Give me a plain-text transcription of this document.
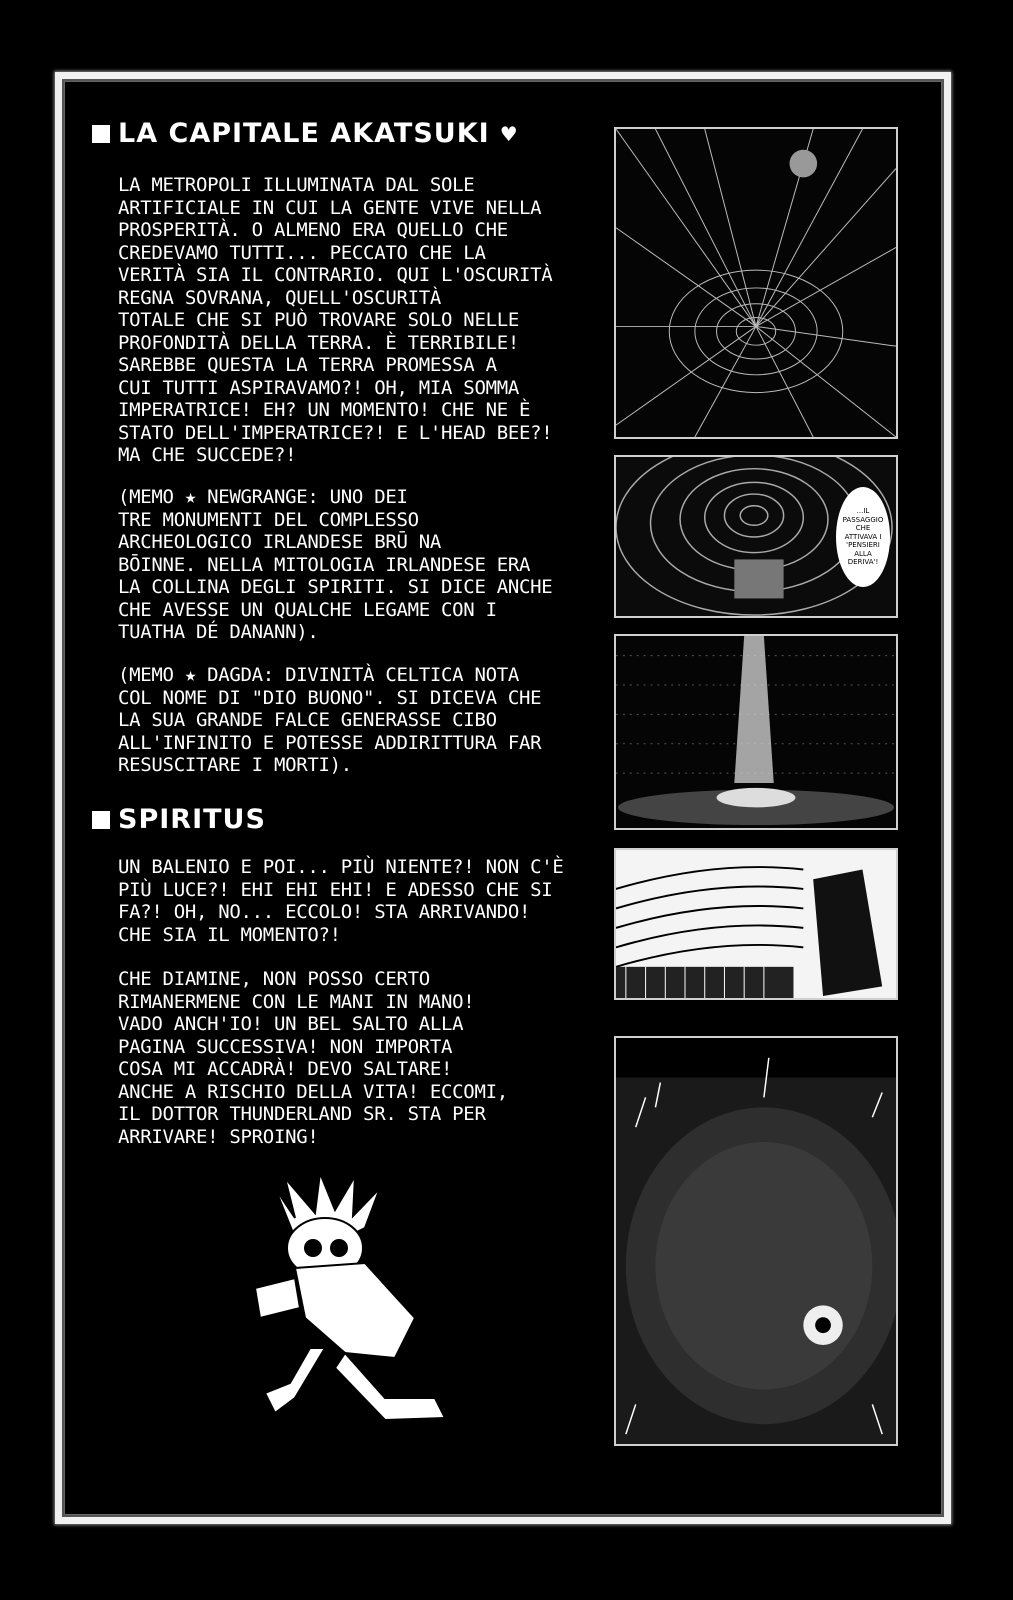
LA CAPITALE AKATSUKI ♥

LA METROPOLI ILLUMINATA DAL SOLE
ARTIFICIALE IN CUI LA GENTE VIVE NELLA
PROSPERITÀ. O ALMENO ERA QUELLO CHE
CREDEVAMO TUTTI... PECCATO CHE LA
VERITÀ SIA IL CONTRARIO. QUI L'OSCURITÀ
REGNA SOVRANA, QUELL'OSCURITÀ
TOTALE CHE SI PUÒ TROVARE SOLO NELLE
PROFONDITÀ DELLA TERRA. È TERRIBILE!
SAREBBE QUESTA LA TERRA PROMESSA A
CUI TUTTI ASPIRAVAMO?! OH, MIA SOMMA
IMPERATRICE! EH? UN MOMENTO! CHE NE È
STATO DELL'IMPERATRICE?! E L'HEAD BEE?!
MA CHE SUCCEDE?!

(MEMO ★ NEWGRANGE: UNO DEI
TRE MONUMENTI DEL COMPLESSO
ARCHEOLOGICO IRLANDESE BRŪ NA
BŌINNE. NELLA MITOLOGIA IRLANDESE ERA
LA COLLINA DEGLI SPIRITI. SI DICE ANCHE
CHE AVESSE UN QUALCHE LEGAME CON I
TUATHA DÉ DANANN).

(MEMO ★ DAGDA: DIVINITÀ CELTICA NOTA
COL NOME DI "DIO BUONO". SI DICEVA CHE
LA SUA GRANDE FALCE GENERASSE CIBO
ALL'INFINITO E POTESSE ADDIRITTURA FAR
RESUSCITARE I MORTI).

SPIRITUS

UN BALENIO E POI... PIÙ NIENTE?! NON C'È
PIÙ LUCE?! EHI EHI EHI! E ADESSO CHE SI
FA?! OH, NO... ECCOLO! STA ARRIVANDO!
CHE SIA IL MOMENTO?!

CHE DIAMINE, NON POSSO CERTO
RIMANERMENE CON LE MANI IN MANO!
VADO ANCH'IO! UN BEL SALTO ALLA
PAGINA SUCCESSIVA! NON IMPORTA
COSA MI ACCADRÀ! DEVO SALTARE!
ANCHE A RISCHIO DELLA VITA! ECCOMI,
IL DOTTOR THUNDERLAND SR. STA PER
ARRIVARE! SPROING!

...IL PASSAGGIO CHE ATTIVAVA I 'PENSIERI ALLA DERIVA'!
